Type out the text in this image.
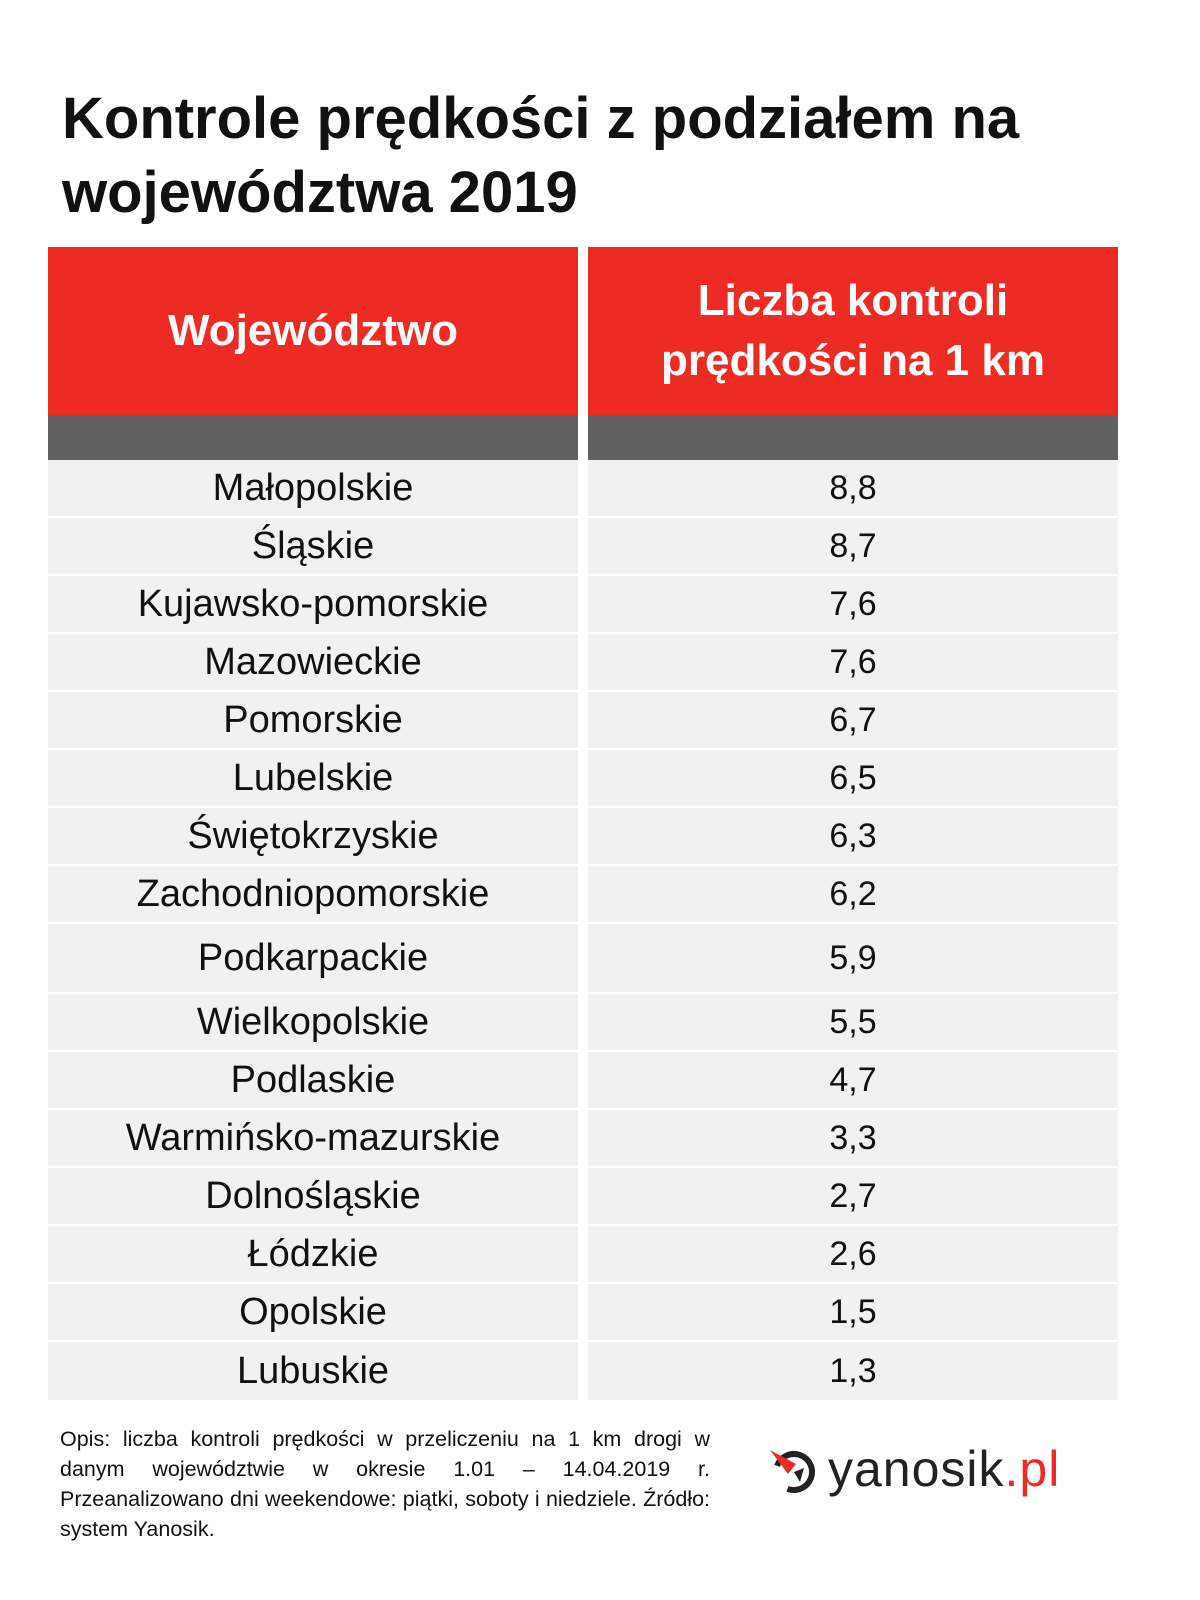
Kontrole prędkości z podziałem na województwa 2019
Województwo
Małopolskie
Śląskie
Kujawsko-pomorskie
Mazowieckie
Pomorskie
Lubelskie
Świętokrzyskie
Zachodniopomorskie
Podkarpackie
Wielkopolskie
Podlaskie
Warmińsko-mazurskie
Dolnośląskie
Łódzkie
Opolskie
Lubuskie
Liczba kontroli prędkości na 1 km
8,8
8,7
7,6
7,6
6,7
6,5
6,3
6,2
5,9
5,5
4,7
3,3
2,7
2,6
1,5
1,3

Opis: liczba kontroli prędkości w przeliczeniu na 1 km drogi w danym województwie w okresie 1.01 – 14.04.2019 r. Przeanalizowano dni weekendowe: piątki, soboty i niedziele. Źródło: system Yanosik.

yanosik.pl
